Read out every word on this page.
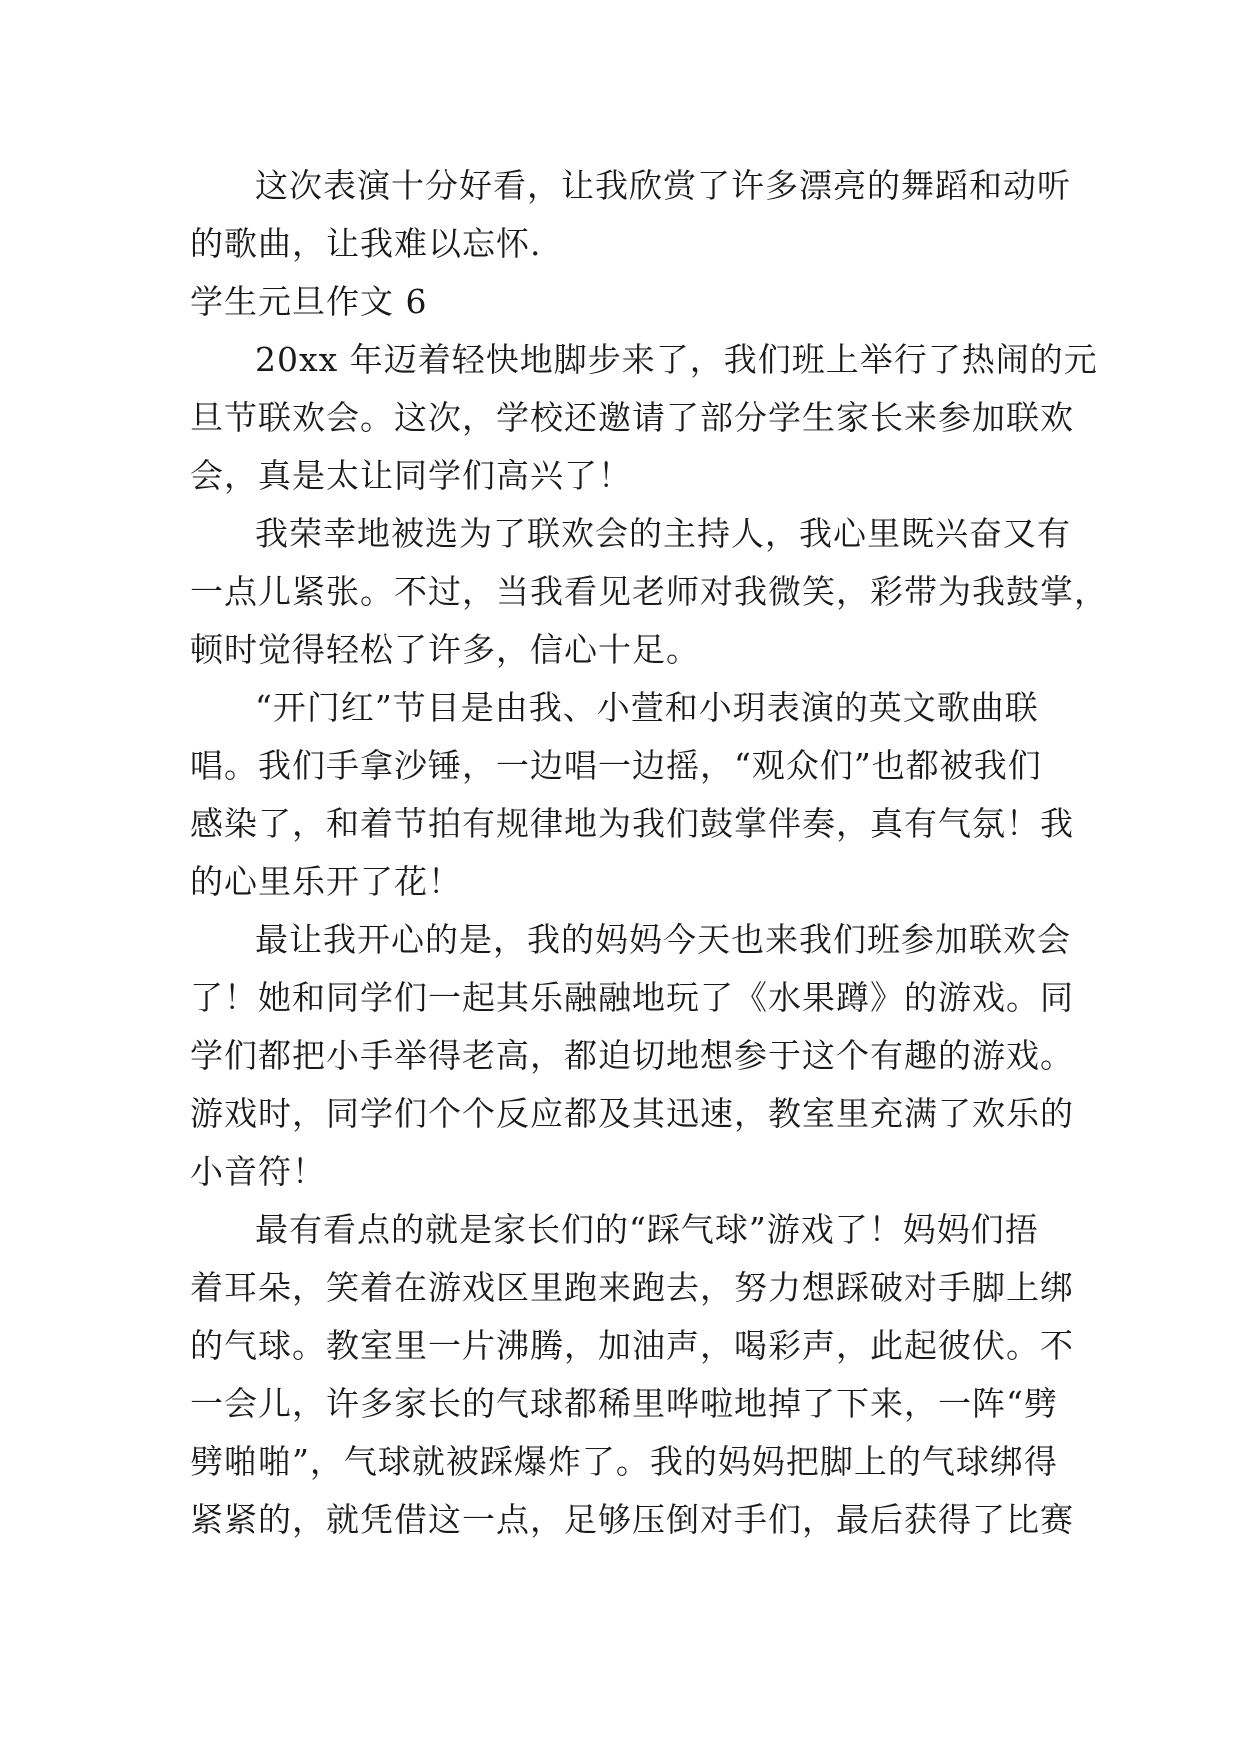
这次表演十分好看，让我欣赏了许多漂亮的舞蹈和动听
的歌曲，让我难以忘怀.
学生元旦作文 6
20xx 年迈着轻快地脚步来了，我们班上举行了热闹的元
旦节联欢会。这次，学校还邀请了部分学生家长来参加联欢
会，真是太让同学们高兴了！
我荣幸地被选为了联欢会的主持人，我心里既兴奋又有
一点儿紧张。不过，当我看见老师对我微笑，彩带为我鼓掌，
顿时觉得轻松了许多，信心十足。
“开门红”节目是由我、小萱和小玥表演的英文歌曲联
唱。我们手拿沙锤，一边唱一边摇，“观众们”也都被我们
感染了，和着节拍有规律地为我们鼓掌伴奏，真有气氛！我
的心里乐开了花！
最让我开心的是，我的妈妈今天也来我们班参加联欢会
了！她和同学们一起其乐融融地玩了《水果蹲》的游戏。同
学们都把小手举得老高，都迫切地想参于这个有趣的游戏。
游戏时，同学们个个反应都及其迅速，教室里充满了欢乐的
小音符！
最有看点的就是家长们的“踩气球”游戏了！妈妈们捂
着耳朵，笑着在游戏区里跑来跑去，努力想踩破对手脚上绑
的气球。教室里一片沸腾，加油声，喝彩声，此起彼伏。不
一会儿，许多家长的气球都稀里哗啦地掉了下来，一阵“劈
劈啪啪”，气球就被踩爆炸了。我的妈妈把脚上的气球绑得
紧紧的，就凭借这一点，足够压倒对手们，最后获得了比赛
